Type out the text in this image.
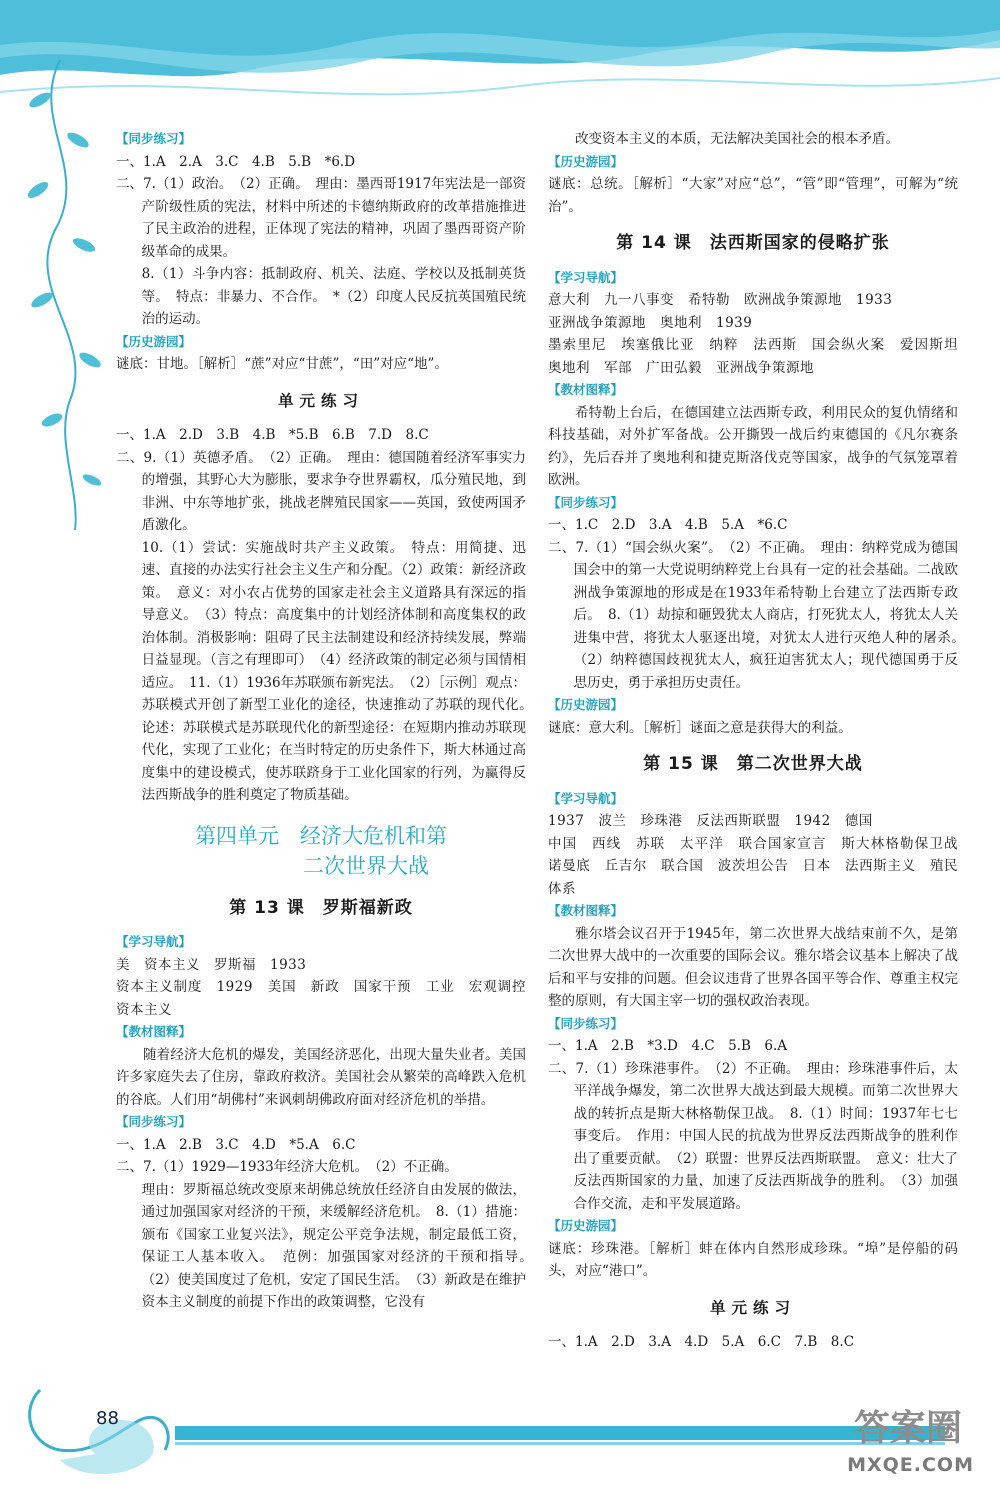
【 同步练习 】

一、1.A　2.A　3.C　4.B　5.B　*6.D

二、7.（1）政治。　（2）正确。　理由：墨西哥1917年宪法是一部资产阶级性质的宪法，材料中所述的卡德纳斯政府的改革措施推进了民主政治的进程，正体现了宪法的精神，巩固了墨西哥资产阶级革命的成果。

8.（1）斗争内容：抵制政府、机关、法庭、学校以及抵制英货等。　特点：非暴力、不合作。　*（2）印度人民反抗英国殖民统治的运动。

【 历史游园 】

谜底：甘地。［解析］“蔗”对应“甘蔗”，“田”对应“地”。

单元练习

一、1.A　2.D　3.B　4.B　*5.B　6.B　7.D　8.C

二、9.（1）英德矛盾。　（2）正确。　理由：德国随着经济军事实力的增强，其野心大为膨胀，要求争夺世界霸权，瓜分殖民地，到非洲、中东等地扩张，挑战老牌殖民国家——英国，致使两国矛盾激化。

10.（1）尝试：实施战时共产主义政策。　特点：用简捷、迅速、直接的办法实行社会主义生产和分配。（2）政策：新经济政策。　意义：对小农占优势的国家走社会主义道路具有深远的指导意义。　（3）特点：高度集中的计划经济体制和高度集权的政治体制。消极影响：阻碍了民主法制建设和经济持续发展，弊端日益显现。（言之有理即可）　（4）经济政策的制定必须与国情相适应。　11.（1）1936年苏联颁布新宪法。　（2）［示例］观点：苏联模式开创了新型工业化的途径，快速推动了苏联的现代化。　论述：苏联模式是苏联现代化的新型途径：在短期内推动苏联现代化，实现了工业化；在当时特定的历史条件下，斯大林通过高度集中的建设模式，使苏联跻身于工业化国家的行列，为赢得反法西斯战争的胜利奠定了物质基础。

第四单元　经济大危机和第
二次世界大战
第 13 课　罗斯福新政
【 学习导航 】

美　资本主义　罗斯福　1933

资本主义制度　1929　美国　新政　国家干预　工业　宏观调控　资本主义

【 教材图释 】

随着经济大危机的爆发，美国经济恶化，出现大量失业者。美国许多家庭失去了住房，靠政府救济。美国社会从繁荣的高峰跌入危机的谷底。人们用“胡佛村”来讽刺胡佛政府面对经济危机的举措。

【 同步练习 】

一、1.A　2.B　3.C　4.D　*5.A　6.C

二、7.（1）1929—1933年经济大危机。　（2）不正确。

理由：罗斯福总统改变原来胡佛总统放任经济自由发展的做法，通过加强国家对经济的干预，来缓解经济危机。　8.（1）措施：颁布《国家工业复兴法》，规定公平竞争法规，制定最低工资，保证工人基本收入。　范例：加强国家对经济的干预和指导。　（2）使美国度过了危机，安定了国民生活。　（3）新政是在维护资本主义制度的前提下作出的政策调整，它没有

改变资本主义的本质，无法解决美国社会的根本矛盾。

【 历史游园 】

谜底：总统。［解析］“大家”对应“总”，“管”即“管理”，可解为“统治”。

第 14 课　法西斯国家的侵略扩张
【 学习导航 】

意大利　九一八事变　希特勒　欧洲战争策源地　1933

亚洲战争策源地　奥地利　1939

墨索里尼　埃塞俄比亚　纳粹　法西斯　国会纵火案　爱因斯坦　奥地利　军部　广田弘毅　亚洲战争策源地

【 教材图释 】

希特勒上台后，在德国建立法西斯专政，利用民众的复仇情绪和科技基础，对外扩军备战。公开撕毁一战后约束德国的《凡尔赛条约》，先后吞并了奥地利和捷克斯洛伐克等国家，战争的气氛笼罩着欧洲。

【 同步练习 】

一、1.C　2.D　3.A　4.B　5.A　*6.C

二、7.（1）“国会纵火案”。　（2）不正确。　理由：纳粹党成为德国国会中的第一大党说明纳粹党上台具有一定的社会基础。二战欧洲战争策源地的形成是在1933年希特勒上台建立了法西斯专政后。　8.（1）劫掠和砸毁犹太人商店，打死犹太人，将犹太人关进集中营，将犹太人驱逐出境，对犹太人进行灭绝人种的屠杀。　（2）纳粹德国歧视犹太人，疯狂迫害犹太人；现代德国勇于反思历史，勇于承担历史责任。

【 历史游园 】

谜底：意大利。［解析］谜面之意是获得大的利益。

第 15 课　第二次世界大战
【 学习导航 】

1937　波兰　珍珠港　反法西斯联盟　1942　德国

中国　西线　苏联　太平洋　联合国家宣言　斯大林格勒保卫战　诺曼底　丘吉尔　联合国　波茨坦公告　日本　法西斯主义　殖民体系

【 教材图释 】

雅尔塔会议召开于1945年，第二次世界大战结束前不久，是第二次世界大战中的一次重要的国际会议。雅尔塔会议基本上解决了战后和平与安排的问题。但会议违背了世界各国平等合作、尊重主权完整的原则，有大国主宰一切的强权政治表现。

【 同步练习 】

一、1.A　2.B　*3.D　4.C　5.B　6.A

二、7.（1）珍珠港事件。　（2）不正确。　理由：珍珠港事件后，太平洋战争爆发，第二次世界大战达到最大规模。而第二次世界大战的转折点是斯大林格勒保卫战。　8.（1）时间：1937年七七事变后。　作用：中国人民的抗战为世界反法西斯战争的胜利作出了重要贡献。　（2）联盟：世界反法西斯联盟。　意义：壮大了反法西斯国家的力量，加速了反法西斯战争的胜利。　（3）加强合作交流，走和平发展道路。

【 历史游园 】

谜底：珍珠港。［解析］蚌在体内自然形成珍珠。“埠”是停船的码头，对应“港口”。

单元练习

一、1.A　2.D　3.A　4.D　5.A　6.C　7.B　8.C

88	答案圈
MXQE.COM
